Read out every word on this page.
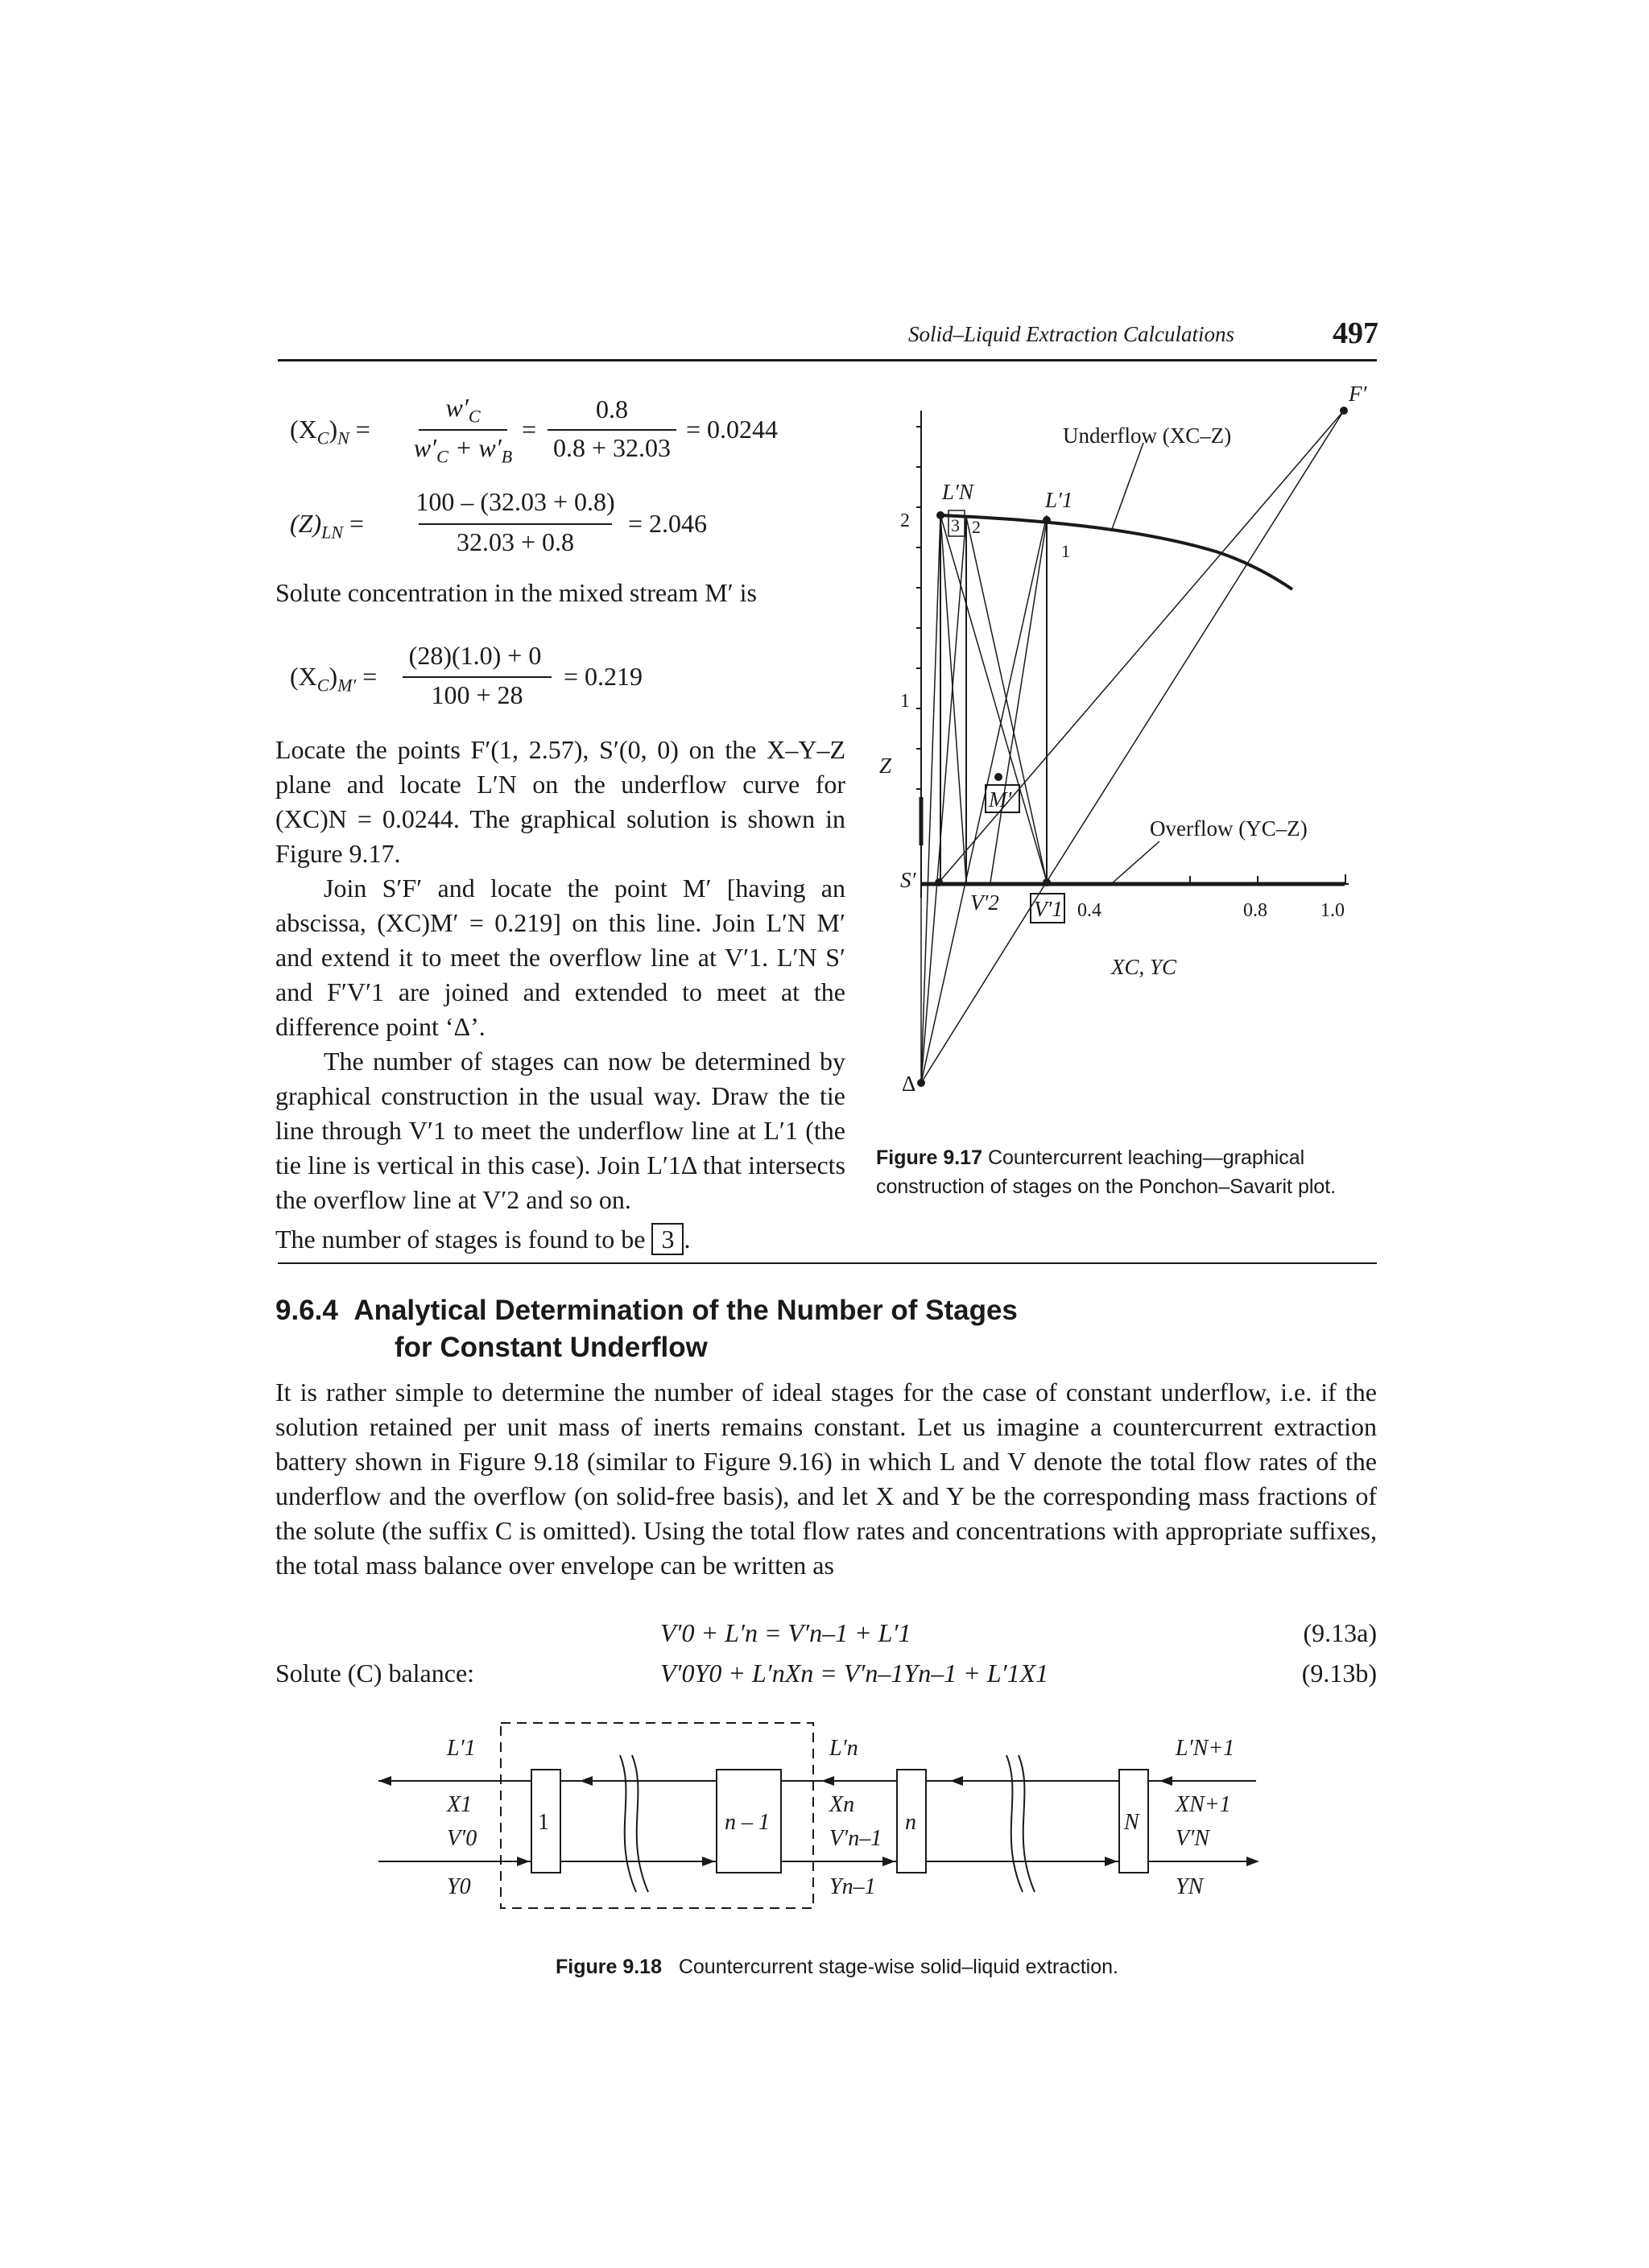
Solid–Liquid Extraction Calculations	497
$(X_C)_N$ =
$w'_C$
$w'_C + w'_B$
=
0.8
0.8 + 32.03
= 0.0244
$(Z)_{LN}$ =
100 – (32.03 + 0.8)
32.03 + 0.8
= 2.046
Solute concentration in the mixed stream M′ is
$(X_C)_{M'}$ =
(28)(1.0) + 0
100 + 28
= 0.219

Locate the points F′(1, 2.57), S′(0, 0) on the X–Y–Z plane and locate L′N on the underflow curve for (XC)N = 0.0244. The graphical solution is shown in Figure 9.17.

Join S′F′ and locate the point M′ [having an abscissa, (XC)M′ = 0.219] on this line. Join L′N M′ and extend it to meet the overflow line at V′1. L′N S′ and F′V′1 are joined and extended to meet at the difference point ‘Δ’.

The number of stages can now be determined by graphical construction in the usual way. Draw the tie line through V′1 to meet the underflow line at L′1 (the tie line is vertical in this case). Join L′1Δ that intersects the overflow line at V′2 and so on.

The number of stages is found to be 3 .

Underflow (XC–Z)
F′
S′
M′
Δ
L′N	L′1
V′1
V′2
Z
XC, YC
Overflow (YC–Z)
3 2
1
2
1
0.4	0.8	1.0
Figure 9.17 Countercurrent leaching—graphical construction of stages on the Ponchon–Savarit plot.
9.6.4 Analytical Determination of the Number of Stages
for Constant Underflow
It is rather simple to determine the number of ideal stages for the case of constant underflow, i.e. if the solution retained per unit mass of inerts remains constant. Let us imagine a countercurrent extraction battery shown in Figure 9.18 (similar to Figure 9.16) in which L and V denote the total flow rates of the underflow and the overflow (on solid-free basis), and let X and Y be the corresponding mass fractions of the solute (the suffix C is omitted). Using the total flow rates and concentrations with appropriate suffixes, the total mass balance over envelope can be written as
V′0 + L′n = V′n–1 + L′1	(9.13a)
Solute (C) balance:	V′0Y0 + L′nXn = V′n–1Yn–1 + L′1X1	(9.13b)
1	n – 1	n	N
L′1
X1
V′0
Y0
L′n
Xn
V′n–1
Yn–1
L′N+1
XN+1
V′N
YN
Figure 9.18 Countercurrent stage-wise solid–liquid extraction.
